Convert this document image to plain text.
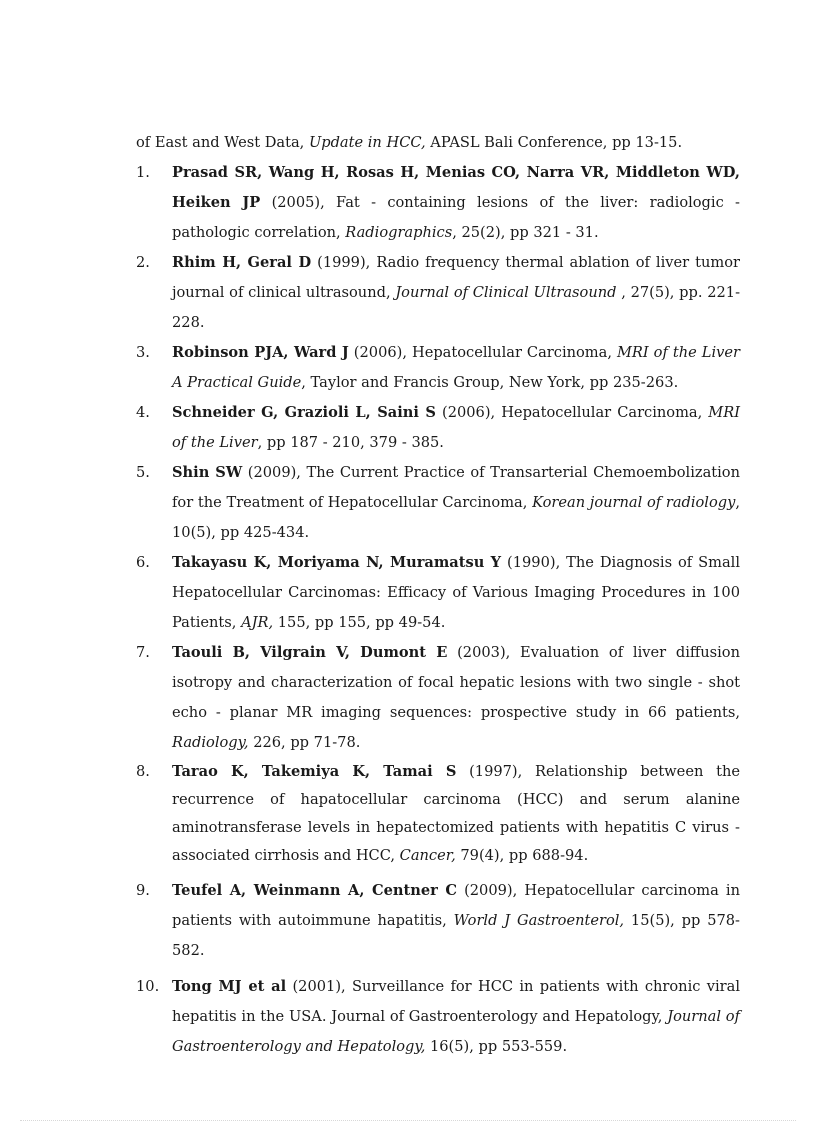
of East and West Data, Update in HCC, APASL Bali Conference, pp 13-15.

1. Prasad SR, Wang H, Rosas H, Menias CO, Narra VR, Middleton WD, Heiken JP (2005), Fat - containing lesions of the liver: radiologic - pathologic correlation, Radiographics, 25(2), pp 321 - 31.

2. Rhim H, Geral D (1999), Radio frequency thermal ablation of liver tumor journal of clinical ultrasound, Journal of Clinical Ultrasound , 27(5), pp. 221-228.

3. Robinson PJA, Ward J (2006), Hepatocellular Carcinoma, MRI of the Liver A Practical Guide, Taylor and Francis Group, New York, pp 235-263.

4. Schneider G, Grazioli L, Saini S (2006), Hepatocellular Carcinoma, MRI of the Liver, pp 187 - 210, 379 - 385.

5. Shin SW (2009), The Current Practice of Transarterial Chemoembolization for the Treatment of Hepatocellular Carcinoma, Korean journal of radiology, 10(5), pp 425-434.

6. Takayasu K, Moriyama N, Muramatsu Y (1990), The Diagnosis of Small Hepatocellular Carcinomas: Efficacy of Various Imaging Procedures in 100 Patients, AJR, 155, pp 155, pp 49-54.

7. Taouli B, Vilgrain V, Dumont E (2003), Evaluation of liver diffusion isotropy and characterization of focal hepatic lesions with two single - shot echo - planar MR imaging sequences: prospective study in 66 patients, Radiology, 226, pp 71-78.

8. Tarao K, Takemiya K, Tamai S (1997), Relationship between the recurrence of hapatocellular carcinoma (HCC) and serum alanine aminotransferase levels in hepatectomized patients with hepatitis C virus - associated cirrhosis and HCC, Cancer, 79(4), pp 688-94.

9. Teufel A, Weinmann A, Centner C (2009), Hepatocellular carcinoma in patients with autoimmune hapatitis, World J Gastroenterol, 15(5), pp 578-582.

10. Tong MJ et al (2001), Surveillance for HCC in patients with chronic viral hepatitis in the USA. Journal of Gastroenterology and Hepatology, Journal of Gastroenterology and Hepatology, 16(5), pp 553-559.
